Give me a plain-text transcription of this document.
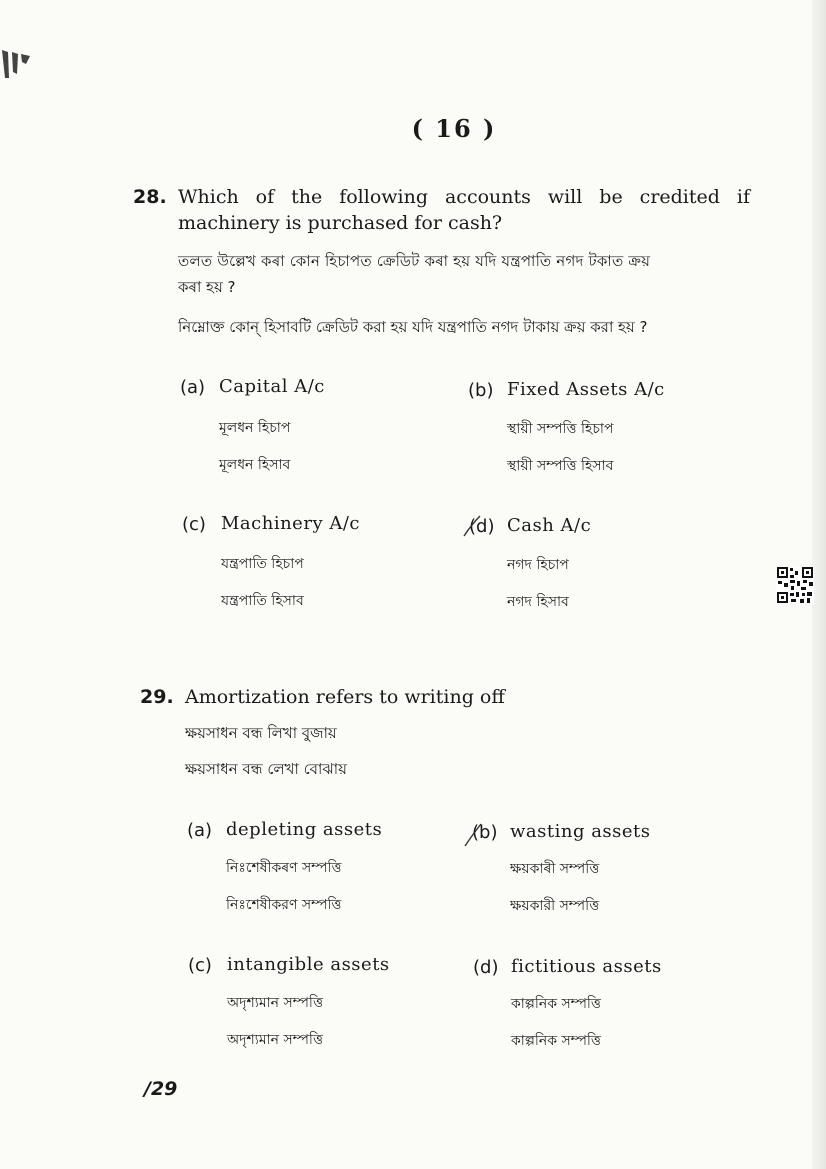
( 16 )
28. Which of the following accounts will be credited if
machinery is purchased for cash?
তলত উল্লেখ কৰা কোন হিচাপত ক্ৰেডিট কৰা হয় যদি যন্ত্ৰপাতি নগদ টকাত ক্ৰয়
কৰা হয় ?
নিম্নোক্ত কোন্ হিসাবটি ক্রেডিট করা হয় যদি যন্ত্রপাতি নগদ টাকায় ক্রয় করা হয় ?
(a) Capital A/c
মূলধন হিচাপ
মূলধন হিসাব
(b) Fixed Assets A/c
স্থায়ী সম্পত্তি হিচাপ
স্থায়ী সম্পত্তি হিসাব
(c) Machinery A/c
যন্ত্ৰপাতি হিচাপ
যন্ত্রপাতি হিসাব
(d) Cash A/c
নগদ হিচাপ
নগদ হিসাব
29. Amortization refers to writing off
ক্ষয়সাধন বন্ধ লিখা বুজায়
ক্ষয়সাধন বন্ধ লেখা বোঝায়
(a) depleting assets
নিঃশেষীকৰণ সম্পত্তি
নিঃশেষীকরণ সম্পত্তি
(b) wasting assets
ক্ষয়কাৰী সম্পত্তি
ক্ষয়কারী সম্পত্তি
(c) intangible assets
অদৃশ্যমান সম্পত্তি
অদৃশ্যমান সম্পত্তি
(d) fictitious assets
কাল্পনিক সম্পত্তি
কাল্পনিক সম্পত্তি
/29
